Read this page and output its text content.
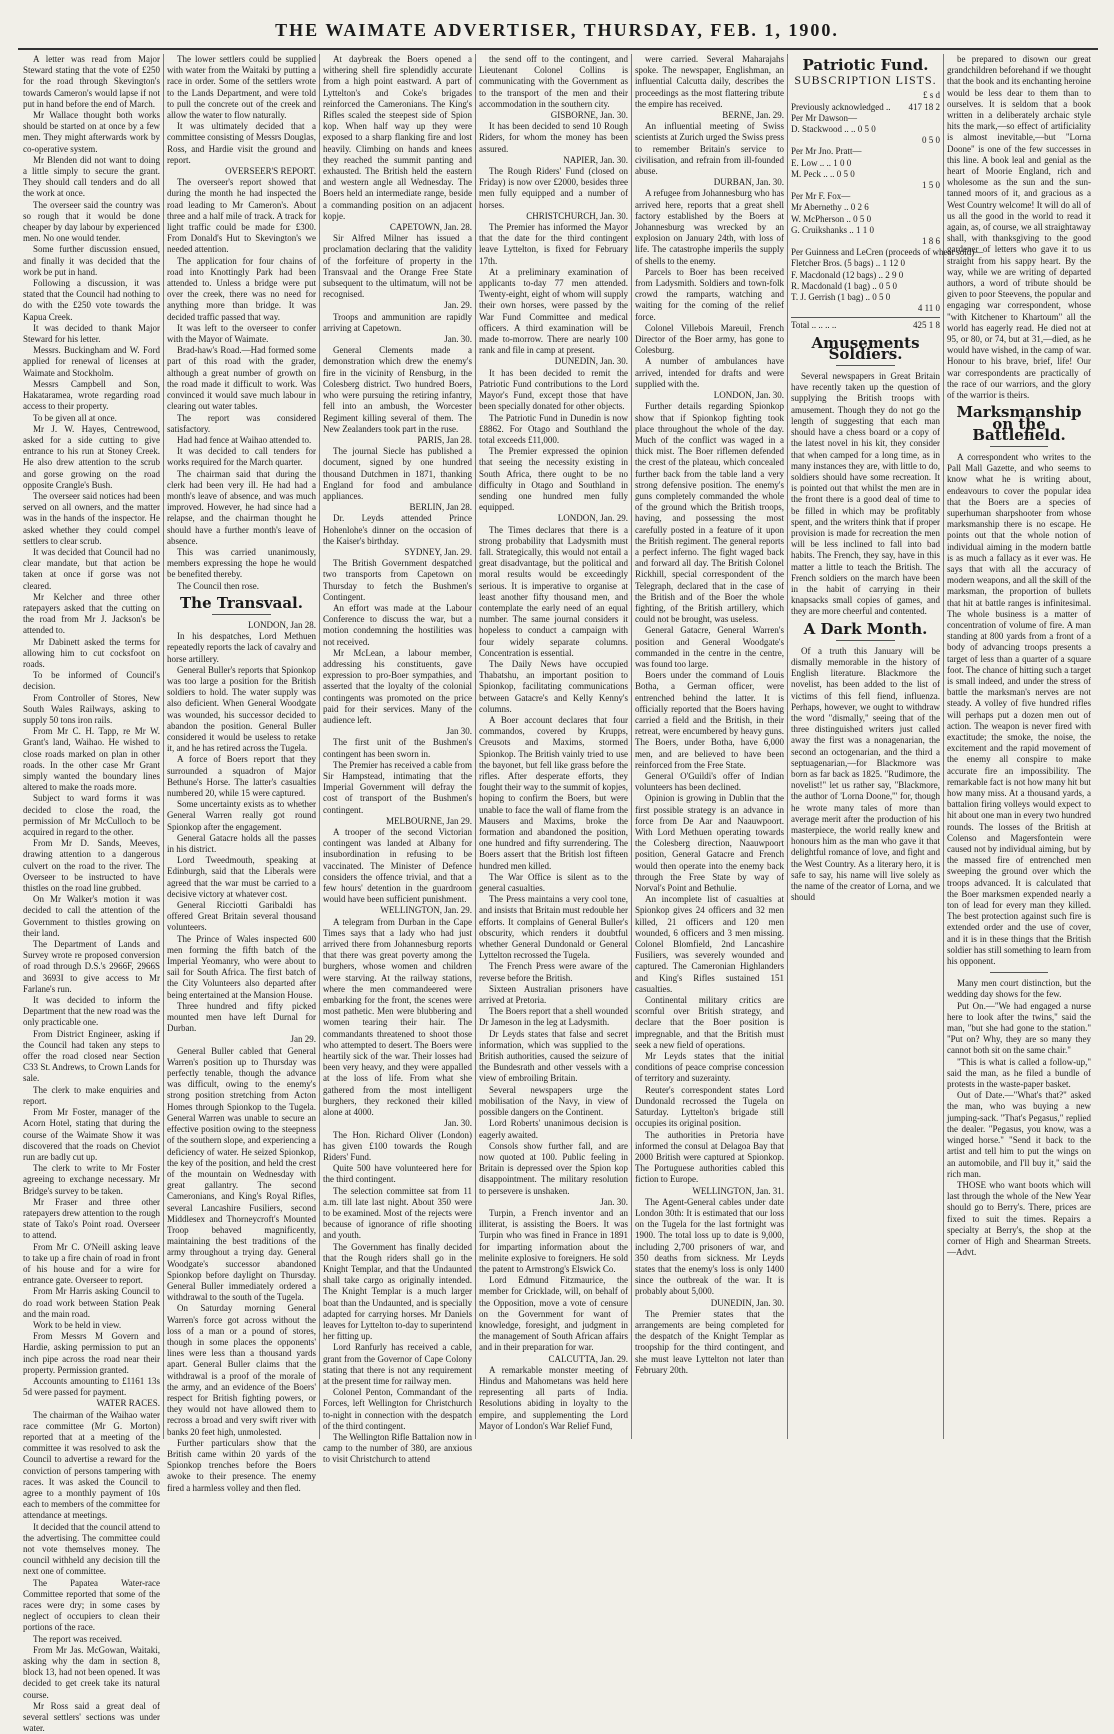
THE WAIMATE ADVERTISER, THURSDAY, FEB. 1, 1900.

A letter was read from Major Steward stating that the vote of £250 for the road through Skevington's towards Cameron's would lapse if not put in hand before the end of March.

Mr Wallace thought both works should be started on at once by a few men. They might afterwards work by co-operative system.

Mr Blenden did not want to doing a little simply to secure the grant. They should call tenders and do all the work at once.

The overseer said the country was so rough that it would be done cheaper by day labour by experienced men. No one would tender.

Some further discussion ensued, and finally it was decided that the work be put in hand.

Following a discussion, it was stated that the Council had nothing to do with the £250 vote towards the Kapua Creek.

It was decided to thank Major Steward for his letter.

Messrs. Buckingham and W. Ford applied for renewal of licenses at Waimate and Stockholm.

Messrs Campbell and Son, Hakataramea, wrote regarding road access to their property.

To be given all at once.

Mr J. W. Hayes, Centrewood, asked for a side cutting to give entrance to his run at Stoney Creek. He also drew attention to the scrub and gorse growing on the road opposite Crangle's Bush.

The overseer said notices had been served on all owners, and the matter was in the hands of the inspector. He asked whether they could compel settlers to clear scrub.

It was decided that Council had no clear mandate, but that action be taken at once if gorse was not cleared.

Mr Kelcher and three other ratepayers asked that the cutting on the road from Mr J. Jackson's be attended to.

Mr Dabinett asked the terms for allowing him to cut cocksfoot on roads.

To be informed of Council's decision.

From Controller of Stores, New South Wales Railways, asking to supply 50 tons iron rails.

From Mr C. H. Tapp, re Mr W. Grant's land, Waihao. He wished to close roads marked on plan in other roads. In the other case Mr Grant simply wanted the boundary lines altered to make the roads more.

Subject to ward forms it was decided to close the road, the permission of Mr McCulloch to be acquired in regard to the other.

From Mr D. Sands, Meeves, drawing attention to a dangerous culvert on the road to the river. The Overseer to be instructed to have thistles on the road line grubbed.

On Mr Walker's motion it was decided to call the attention of the Government to thistles growing on their land.

The Department of Lands and Survey wrote re proposed conversion of road through D.S.'s 2966F, 2966S and 3693I to give access to Mr Farlane's run.

It was decided to inform the Department that the new road was the only practicable one.

From District Engineer, asking if the Council had taken any steps to offer the road closed near Section C33 St. Andrews, to Crown Lands for sale.

The clerk to make enquiries and report.

From Mr Foster, manager of the Acorn Hotel, stating that during the course of the Waimate Show it was discovered that the roads on Cheviot run are badly cut up.

The clerk to write to Mr Foster agreeing to exchange necessary. Mr Bridge's survey to be taken.

Mr Fraser and three other ratepayers drew attention to the rough state of Tako's Point road. Overseer to attend.

From Mr C. O'Neill asking leave to take up a fire chain of road in front of his house and for a wire for entrance gate. Overseer to report.

From Mr Harris asking Council to do road work between Station Peak and the main road.

Work to be held in view.

From Messrs M Govern and Hardie, asking permission to put an inch pipe across the road near their property. Permission granted.

Accounts amounting to £1161 13s 5d were passed for payment.

WATER RACES.

The chairman of the Waihao water race committee (Mr G. Morton) reported that at a meeting of the committee it was resolved to ask the Council to advertise a reward for the conviction of persons tampering with races. It was asked the Council to agree to a monthly payment of 10s each to members of the committee for attendance at meetings.

It decided that the council attend to the advertising. The committee could not vote themselves money. The council withheld any decision till the next one of committee.

The Papatea Water-race Committee reported that some of the races were dry; in some cases by neglect of occupiers to clean their portions of the race.

The report was received.

From Mr Jas. McGowan, Waitaki, asking why the dam in section 8, block 13, had not been opened. It was decided to get creek take its natural course.

Mr Ross said a great deal of several settlers' sections was under water.

The lower settlers could be supplied with water from the Waitaki by putting a race in order. Some of the settlers wrote to the Lands Department, and were told to pull the concrete out of the creek and allow the water to flow naturally.

It was ultimately decided that a committee consisting of Messrs Douglas, Ross, and Hardie visit the ground and report.

OVERSEER'S REPORT.

The overseer's report showed that during the month he had inspected the road leading to Mr Cameron's. About three and a half mile of track. A track for light traffic could be made for £300. From Donald's Hut to Skevington's we needed attention.

The application for four chains of road into Knottingly Park had been attended to. Unless a bridge were put over the creek, there was no need for anything more than bridge. It was decided traffic passed that way.

It was left to the overseer to confer with the Mayor of Waimate.

Brad-haw's Road.—Had formed some part of this road with the grader, although a great number of growth on the road made it difficult to work. Was convinced it would save much labour in clearing out water tables.

The report was considered satisfactory.

Had had fence at Waihao attended to.

It was decided to call tenders for works required for the March quarter.

The chairman said that during the clerk had been very ill. He had had a month's leave of absence, and was much improved. However, he had since had a relapse, and the chairman thought he should have a further month's leave of absence.

This was carried unanimously, members expressing the hope he would be benefited thereby.

The Council then rose.

The Transvaal.

LONDON, Jan 28.

In his despatches, Lord Methuen repeatedly reports the lack of cavalry and horse artillery.

General Buller's reports that Spionkop was too large a position for the British soldiers to hold. The water supply was also deficient. When General Woodgate was wounded, his successor decided to abandon the position. General Buller considered it would be useless to retake it, and he has retired across the Tugela.

A force of Boers report that they surrounded a squadron of Major Bethune's Horse. The latter's casualties numbered 20, while 15 were captured.

Some uncertainty exists as to whether General Warren really got round Spionkop after the engagement.

General Gatacre holds all the passes in his district.

Lord Tweedmouth, speaking at Edinburgh, said that the Liberals were agreed that the war must be carried to a decisive victory at whatever cost.

General Ricciotti Garibaldi has offered Great Britain several thousand volunteers.

The Prince of Wales inspected 600 men forming the fifth batch of the Imperial Yeomanry, who were about to sail for South Africa. The first batch of the City Volunteers also departed after being entertained at the Mansion House.

Three hundred and fifty picked mounted men have left Durnal for Durban.

Jan 29.

General Buller cabled that General Warren's position up to Thursday was perfectly tenable, though the advance was difficult, owing to the enemy's strong position stretching from Acton Homes through Spionkop to the Tugela. General Warren was unable to secure an effective position owing to the steepness of the southern slope, and experiencing a deficiency of water. He seized Spionkop, the key of the position, and held the crest of the mountain on Wednesday with great gallantry. The second Cameronians, and King's Royal Rifles, several Lancashire Fusiliers, second Middlesex and Thorneycroft's Mounted Troop behaved magnificently, maintaining the best traditions of the army throughout a trying day. General Woodgate's successor abandoned Spionkop before daylight on Thursday. General Buller immediately ordered a withdrawal to the south of the Tugela.

On Saturday morning General Warren's force got across without the loss of a man or a pound of stores, though in some places the opponents' lines were less than a thousand yards apart. General Buller claims that the withdrawal is a proof of the morale of the army, and an evidence of the Boers' respect for British fighting powers, or they would not have allowed them to recross a broad and very swift river with banks 20 feet high, unmolested.

Further particulars show that the British came within 20 yards of the Spionkop trenches before the Boers awoke to their presence. The enemy fired a harmless volley and then fled.

At daybreak the Boers opened a withering shell fire splendidly accurate from a high point eastward. A part of Lyttelton's and Coke's brigades reinforced the Cameronians. The King's Rifles scaled the steepest side of Spion kop. When half way up they were exposed to a sharp flanking fire and lost heavily. Climbing on hands and knees they reached the summit panting and exhausted. The British held the eastern and western angle all Wednesday. The Boers held an intermediate range, beside a commanding position on an adjacent kopje.

CAPETOWN, Jan. 28.

Sir Alfred Milner has issued a proclamation declaring that the validity of the forfeiture of property in the Transvaal and the Orange Free State subsequent to the ultimatum, will not be recognised.

Jan. 29.

Troops and ammunition are rapidly arriving at Capetown.

Jan. 30.

General Clements made a demonstration which drew the enemy's fire in the vicinity of Rensburg, in the Colesberg district. Two hundred Boers, who were pursuing the retiring infantry, fell into an ambush, the Worcester Regiment killing several of them. The New Zealanders took part in the ruse.

PARIS, Jan 28.

The journal Siecle has published a document, signed by one hundred thousand Dutchmen in 1871, thanking England for food and ambulance appliances.

BERLIN, Jan 28.

Dr. Leyds attended Prince Hohenlohe's dinner on the occasion of the Kaiser's birthday.

SYDNEY, Jan. 29.

The British Government despatched two transports from Capetown on Thursday to fetch the Bushmen's Contingent.

An effort was made at the Labour Conference to discuss the war, but a motion condemning the hostilities was not received.

Mr McLean, a labour member, addressing his constituents, gave expression to pro-Boer sympathies, and asserted that the loyalty of the colonial contingents was promoted on the price paid for their services. Many of the audience left.

Jan 30.

The first unit of the Bushmen's contingent has been sworn in.

The Premier has received a cable from Sir Hampstead, intimating that the Imperial Government will defray the cost of transport of the Bushmen's contingent.

MELBOURNE, Jan 29.

A trooper of the second Victorian contingent was landed at Albany for insubordination in refusing to be vaccinated. The Minister of Defence considers the offence trivial, and that a few hours' detention in the guardroom would have been sufficient punishment.

WELLINGTON, Jan. 29.

A telegram from Durban in the Cape Times says that a lady who had just arrived there from Johannesburg reports that there was great poverty among the burghers, whose women and children were starving. At the railway stations, where the men commandeered were embarking for the front, the scenes were most pathetic. Men were blubbering and women tearing their hair. The commandants threatened to shoot those who attempted to desert. The Boers were heartily sick of the war. Their losses had been very heavy, and they were appalled at the loss of life. From what she gathered from the most intelligent burghers, they reckoned their killed alone at 4000.

Jan. 30.

The Hon. Richard Oliver (London) has given £100 towards the Rough Riders' Fund.

Quite 500 have volunteered here for the third contingent.

The selection committee sat from 11 a.m. till late last night. About 350 were to be examined. Most of the rejects were because of ignorance of rifle shooting and youth.

The Government has finally decided that the Rough riders shall go in the Knight Templar, and that the Undaunted shall take cargo as originally intended. The Knight Templar is a much larger boat than the Undaunted, and is specially adapted for carrying horses. Mr Daniels leaves for Lyttelton to-day to superintend her fitting up.

Lord Ranfurly has received a cable, grant from the Governor of Cape Colony stating that there is not any requirement at the present time for railway men.

Colonel Penton, Commandant of the Forces, left Wellington for Christchurch to-night in connection with the despatch of the third contingent.

The Wellington Rifle Battalion now in camp to the number of 380, are anxious to visit Christchurch to attend

the send off to the contingent, and Lieutenant Colonel Collins is communicating with the Government as to the transport of the men and their accommodation in the southern city.

GISBORNE, Jan. 30.

It has been decided to send 10 Rough Riders, for whom the money has been assured.

NAPIER, Jan. 30.

The Rough Riders' Fund (closed on Friday) is now over £2000, besides three men fully equipped and a number of horses.

CHRISTCHURCH, Jan. 30.

The Premier has informed the Mayor that the date for the third contingent leave Lyttelton, is fixed for February 17th.

At a preliminary examination of applicants to-day 77 men attended. Twenty-eight, eight of whom will supply their own horses, were passed by the War Fund Committee and medical officers. A third examination will be made to-morrow. There are nearly 100 rank and file in camp at present.

DUNEDIN, Jan. 30.

It has been decided to remit the Patriotic Fund contributions to the Lord Mayor's Fund, except those that have been specially donated for other objects.

The Patriotic Fund in Dunedin is now £8862. For Otago and Southland the total exceeds £11,000.

The Premier expressed the opinion that seeing the necessity existing in South Africa, there ought to be no difficulty in Otago and Southland in sending one hundred men fully equipped.

LONDON, Jan. 29.

The Times declares that there is a strong probability that Ladysmith must fall. Strategically, this would not entail a great disadvantage, but the political and moral results would be exceedingly serious. It is imperative to organise at least another fifty thousand men, and contemplate the early need of an equal number. The same journal considers it hopeless to conduct a campaign with four widely separate columns. Concentration is essential.

The Daily News have occupied Thabatshu, an important position to Spionkop, facilitating communications between Gatacre's and Kelly Kenny's columns.

A Boer account declares that four commandos, covered by Krupps, Creusots and Maxims, stormed Spionkop. The British vainly tried to use the bayonet, but fell like grass before the rifles. After desperate efforts, they fought their way to the summit of kopjes, hoping to confirm the Boers, but were unable to face the wall of flame from the Mausers and Maxims, broke the formation and abandoned the position, one hundred and fifty surrendering. The Boers assert that the British lost fifteen hundred men killed.

The War Office is silent as to the general casualties.

The Press maintains a very cool tone, and insists that Britain must redouble her efforts. It complains of General Buller's obscurity, which renders it doubtful whether General Dundonald or General Lyttelton recrossed the Tugela.

The French Press were aware of the reverse before the British.

Sixteen Australian prisoners have arrived at Pretoria.

The Boers report that a shell wounded Dr Jameson in the leg at Ladysmith.

Dr Leyds states that false and secret information, which was supplied to the British authorities, caused the seizure of the Bundesrath and other vessels with a view of embroiling Britain.

Several newspapers urge the mobilisation of the Navy, in view of possible dangers on the Continent.

Lord Roberts' unanimous decision is eagerly awaited.

Consols show further fall, and are now quoted at 100. Public feeling in Britain is depressed over the Spion kop disappointment. The military resolution to persevere is unshaken.

Jan. 30.

Turpin, a French inventor and an illiterat, is assisting the Boers. It was Turpin who was fined in France in 1891 for imparting information about the melinite explosive to foreigners. He sold the patent to Armstrong's Elswick Co.

Lord Edmund Fitzmaurice, the member for Cricklade, will, on behalf of the Opposition, move a vote of censure on the Government for want of knowledge, foresight, and judgment in the management of South African affairs and in their preparation for war.

CALCUTTA, Jan. 29.

A remarkable monster meeting of Hindus and Mahometans was held here representing all parts of India. Resolutions abiding in loyalty to the empire, and supplementing the Lord Mayor of London's War Relief Fund,

were carried. Several Maharajahs spoke. The newspaper, Englishman, an influential Calcutta daily, describes the proceedings as the most flattering tribute the empire has received.

BERNE, Jan. 29.

An influential meeting of Swiss scientists at Zurich urged the Swiss press to remember Britain's service to civilisation, and refrain from ill-founded abuse.

DURBAN, Jan. 30.

A refugee from Johannesburg who has arrived here, reports that a great shell factory established by the Boers at Johannesburg was wrecked by an explosion on January 24th, with loss of life. The catastrophe imperils the supply of shells to the enemy.

Parcels to Boer has been received from Ladysmith. Soldiers and town-folk crowd the ramparts, watching and waiting for the coming of the relief force.

Colonel Villebois Mareuil, French Director of the Boer army, has gone to Colesburg.

A number of ambulances have arrived, intended for drafts and were supplied with the.

LONDON, Jan. 30.

Further details regarding Spionkop show that if Spionkop fighting took place throughout the whole of the day. Much of the conflict was waged in a thick mist. The Boer riflemen defended the crest of the plateau, which concealed further back from the table land a very strong defensive position. The enemy's guns completely commanded the whole of the ground which the British troops, having, and possessing the most carefully posted in a feature of it upon the British regiment. The general reports a perfect inferno. The fight waged back and forward all day. The British Colonel Rickhill, special correspondent of the Telegraph, declared that in the case of the British and of the Boer the whole fighting, of the British artillery, which could not be brought, was useless.

General Gatacre, General Warren's position and General Woodgate's commanded in the centre in the centre, was found too large.

Boers under the command of Louis Botha, a German officer, were entrenched behind the latter. It is officially reported that the Boers having carried a field and the British, in their retreat, were encumbered by heavy guns. The Boers, under Botha, have 6,000 men, and are believed to have been reinforced from the Free State.

General O'Guildi's offer of Indian volunteers has been declined.

Opinion is growing in Dublin that the first possible strategy is an advance in force from De Aar and Naauwpoort. With Lord Methuen operating towards the Colesberg direction, Naauwpoort position, General Gatacre and French would then operate into the enemy back through the Free State by way of Norval's Point and Bethulie.

An incomplete list of casualties at Spionkop gives 24 officers and 32 men killed, 21 officers and 120 men wounded, 6 officers and 3 men missing. Colonel Blomfield, 2nd Lancashire Fusiliers, was severely wounded and captured. The Cameronian Highlanders and King's Rifles sustained 151 casualties.

Continental military critics are scornful over British strategy, and declare that the Boer position is impregnable, and that the British must seek a new field of operations.

Mr Leyds states that the initial conditions of peace comprise concession of territory and suzerainty.

Reuter's correspondent states Lord Dundonald recrossed the Tugela on Saturday. Lyttelton's brigade still occupies its original position.

The authorities in Pretoria have informed the consul at Delagoa Bay that 2000 British were captured at Spionkop. The Portuguese authorities cabled this fiction to Europe.

WELLINGTON, Jan. 31.

The Agent-General cables under date London 30th: It is estimated that our loss on the Tugela for the last fortnight was 1900. The total loss up to date is 9,000, including 2,700 prisoners of war, and 350 deaths from sickness. Mr Leyds states that the enemy's loss is only 1400 since the outbreak of the war. It is probably about 5,000.

DUNEDIN, Jan. 30.

The Premier states that the arrangements are being completed for the despatch of the Knight Templar as troopship for the third contingent, and she must leave Lyttelton not later than February 20th.

Patriotic Fund.
SUBSCRIPTION LISTS.
£ s d
Previously acknowledged .. 417 18 2
Per Mr Dawson—
D. Stackwood .. .. 0 5 0
0 5 0
Per Mr Jno. Pratt—
E. Low .. .. 1 0 0
M. Peck .. .. 0 5 0
1 5 0
Per Mr F. Fox—
Mr Abernethy .. 0 2 6
W. McPherson .. 0 5 0
G. Cruikshanks .. 1 1 0
1 8 6
Per Guinness and LeCren (proceeds of wheat sold)—
Fletcher Bros. (5 bags) .. 1 12 0
F. Macdonald (12 bags) .. 2 9 0
R. Macdonald (1 bag) .. 0 5 0
T. J. Gerrish (1 bag) .. 0 5 0
4 11 0
Total .. .. .. ..	425 1 8
Amusements Soldiers.

Several newspapers in Great Britain have recently taken up the question of supplying the British troops with amusement. Though they do not go the length of suggesting that each man should have a chess board or a copy of the latest novel in his kit, they consider that when camped for a long time, as in many instances they are, with little to do, soldiers should have some recreation. It is pointed out that whilst the men are in the front there is a good deal of time to be filled in which may be profitably spent, and the writers think that if proper provision is made for recreation the men will be less inclined to fall into bad habits. The French, they say, have in this matter a little to teach the British. The French soldiers on the march have been in the habit of carrying in their knapsacks small copies of games, and they are more cheerful and contented.

A Dark Month.

Of a truth this January will be dismally memorable in the history of English literature. Blackmore the novelist, has been added to the list of victims of this fell fiend, influenza. Perhaps, however, we ought to withdraw the word "dismally," seeing that of the three distinguished writers just called away the first was a nonagenarian, the second an octogenarian, and the third a septuagenarian,—for Blackmore was born as far back as 1825. "Rudimore, the novelist!" let us rather say, "Blackmore, the author of 'Lorna Doone,'" for, though he wrote many tales of more than average merit after the production of his masterpiece, the world really knew and honours him as the man who gave it that delightful romance of love, and fight and the West Country. As a literary hero, it is safe to say, his name will live solely as the name of the creator of Lorna, and we should

be prepared to disown our great grandchildren beforehand if we thought that the book and its enchanting heroine would be less dear to them than to ourselves. It is seldom that a book written in a deliberately archaic style hits the mark,—so effect of artificiality is almost inevitable,—but "Lorna Doone" is one of the few successes in this line. A book leal and genial as the heart of Moorie England, rich and wholesome as the sun and the sun-tanned moors of it, and gracious as a West Country welcome! It will do all of us all the good in the world to read it again, as, of course, we all straightaway shall, with thanksgiving to the good gardener of letters who gave it to us straight from his sappy heart. By the way, while we are writing of departed authors, a word of tribute should be given to poor Steevens, the popular and engaging war correspondent, whose "with Kitchener to Khartoum" all the world has eagerly read. He died not at 95, or 80, or 74, but at 31,—died, as he would have wished, in the camp of war. Honour to his brave, brief, life! Our war correspondents are practically of the race of our warriors, and the glory of the warrior is theirs.

Marksmanship on the Battlefield.

A correspondent who writes to the Pall Mall Gazette, and who seems to know what he is writing about, endeavours to cover the popular idea that the Boers are a species of superhuman sharpshooter from whose marksmanship there is no escape. He points out that the whole notion of individual aiming in the modern battle is as much a fallacy as it ever was. He says that with all the accuracy of modern weapons, and all the skill of the marksman, the proportion of bullets that hit at battle ranges is infinitesimal. The whole business is a matter of concentration of volume of fire. A man standing at 800 yards from a front of a body of advancing troops presents a target of less than a quarter of a square foot. The chance of hitting such a target is small indeed, and under the stress of battle the marksman's nerves are not steady. A volley of five hundred rifles will perhaps put a dozen men out of action. The weapon is never fired with exactitude; the smoke, the noise, the excitement and the rapid movement of the enemy all conspire to make accurate fire an impossibility. The remarkable fact is not how many hit but how many miss. At a thousand yards, a battalion firing volleys would expect to hit about one man in every two hundred rounds. The losses of the British at Colenso and Magersfontein were caused not by individual aiming, but by the massed fire of entrenched men sweeping the ground over which the troops advanced. It is calculated that the Boer marksmen expended nearly a ton of lead for every man they killed. The best protection against such fire is extended order and the use of cover, and it is in these things that the British soldier has still something to learn from his opponent.

Many men court distinction, but the wedding day shows for the few.

Put On.—"We had engaged a nurse here to look after the twins," said the man, "but she had gone to the station." "Put on? Why, they are so many they cannot both sit on the same chair."

"This is what is called a follow-up," said the man, as he filed a bundle of protests in the waste-paper basket.

Out of Date.—"What's that?" asked the man, who was buying a new jumping-sack. "That's Pegasus," replied the dealer. "Pegasus, you know, was a winged horse." "Send it back to the artist and tell him to put the wings on an automobile, and I'll buy it," said the rich man.

THOSE who want boots which will last through the whole of the New Year should go to Berry's. There, prices are fixed to suit the times. Repairs a specialty at Berry's, the shop at the corner of High and Shearman Streets.—Advt.
